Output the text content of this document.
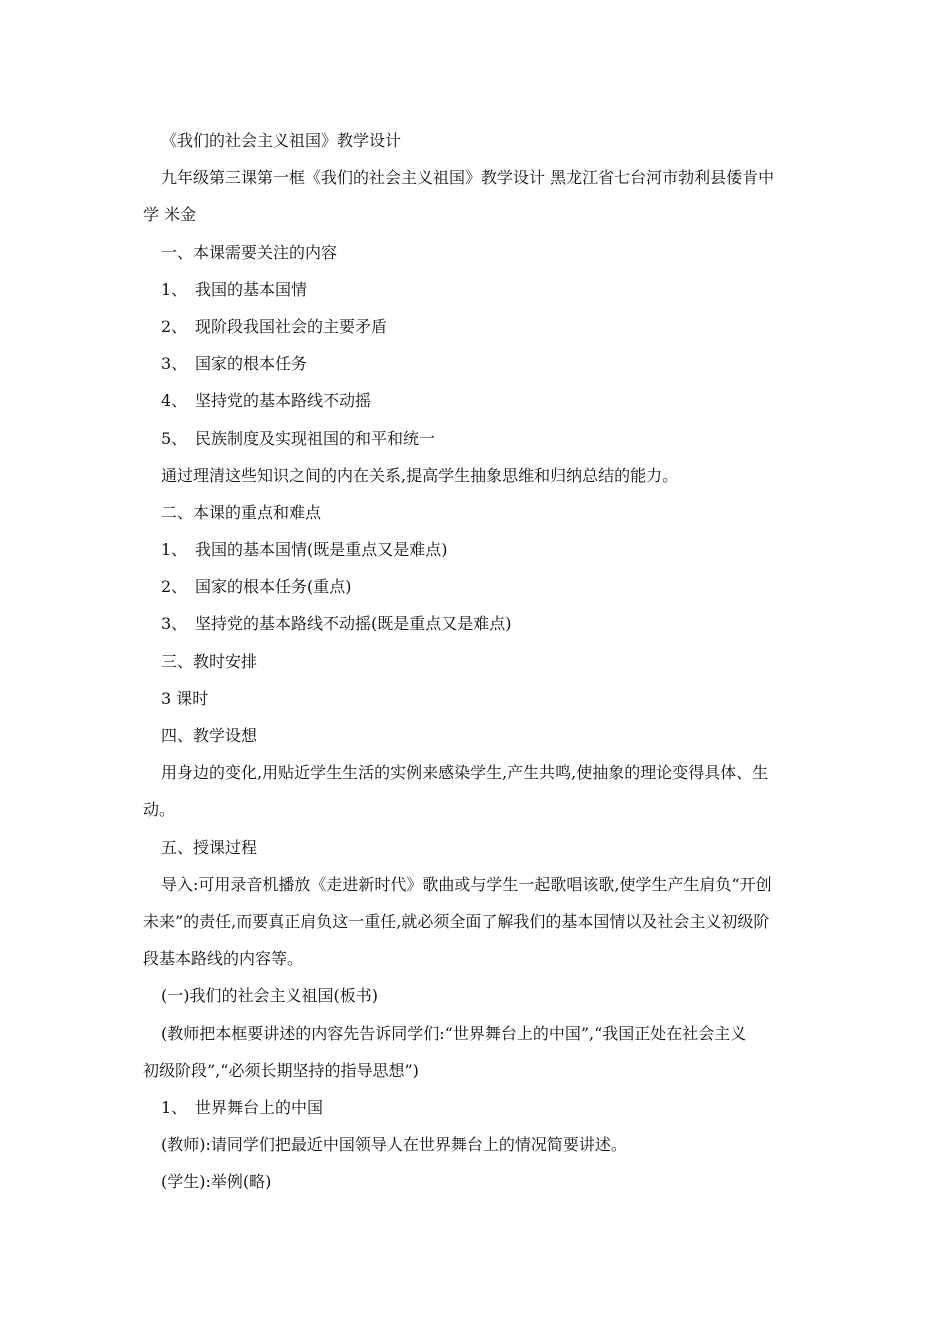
《我们的社会主义祖国》教学设计
九年级第三课第一框《我们的社会主义祖国》教学设计 黑龙江省七台河市勃利县倭肯中
学 米金
一、本课需要关注的内容
1、 我国的基本国情
2、 现阶段我国社会的主要矛盾
3、 国家的根本任务
4、 坚持党的基本路线不动摇
5、 民族制度及实现祖国的和平和统一
通过理清这些知识之间的内在关系,提高学生抽象思维和归纳总结的能力。
二、本课的重点和难点
1、 我国的基本国情(既是重点又是难点)
2、 国家的根本任务(重点)
3、 坚持党的基本路线不动摇(既是重点又是难点)
三、教时安排
3 课时
四、教学设想
用身边的变化,用贴近学生生活的实例来感染学生,产生共鸣,使抽象的理论变得具体、生
动。
五、授课过程
导入:可用录音机播放《走进新时代》歌曲或与学生一起歌唱该歌,使学生产生肩负“开创
未来”的责任,而要真正肩负这一重任,就必须全面了解我们的基本国情以及社会主义初级阶
段基本路线的内容等。
(一)我们的社会主义祖国(板书)
(教师把本框要讲述的内容先告诉同学们:“世界舞台上的中国”,“我国正处在社会主义
初级阶段”,“必须长期坚持的指导思想”)
1、 世界舞台上的中国
(教师):请同学们把最近中国领导人在世界舞台上的情况简要讲述。
(学生):举例(略)
